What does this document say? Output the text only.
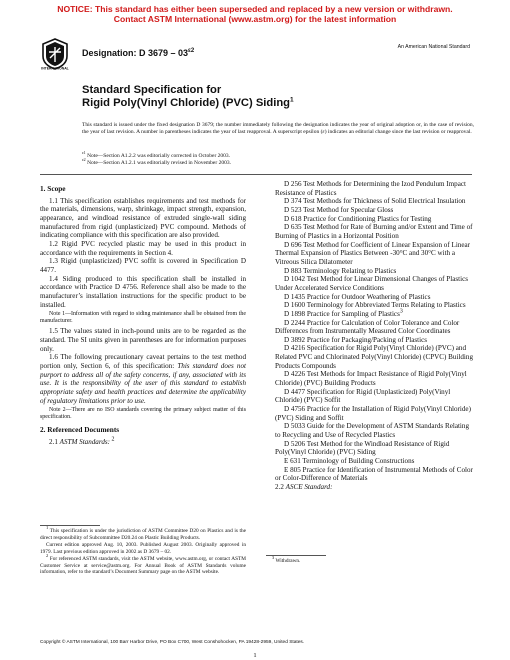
NOTICE: This standard has either been superseded and replaced by a new version or withdrawn.
Contact ASTM International (www.astm.org) for the latest information
INTERNATIONAL
Designation: D $3679 - 03^{\varepsilon 2}$
An American National Standard
Standard Specification for
Rigid Poly(Vinyl Chloride) (PVC) Siding$^1$
This standard is issued under the fixed designation D 3679; the number immediately following the designation indicates the year of original adoption or, in the case of revision, the year of last revision. A number in parentheses indicates the year of last reapproval. A superscript epsilon (ε) indicates an editorial change since the last revision or reapproval.
$^{\varepsilon 1}$ Note—Section A1.2.2 was editorially corrected in October 2003.
$^{\varepsilon 2}$ Note—Section A1.2.1 was editorially revised in November 2003.

1. Scope

1.1 This specification establishes requirements and test methods for the materials, dimensions, warp, shrinkage, impact strength, expansion, appearance, and windload resistance of extruded single-wall siding manufactured from rigid (unplasticized) PVC compound. Methods of indicating compliance with this specification are also provided.

1.2 Rigid PVC recycled plastic may be used in this product in accordance with the requirements in Section 4.

1.3 Rigid (unplasticized) PVC soffit is covered in Specification D 4477.

1.4 Siding produced to this specification shall be installed in accordance with Practice D 4756. Reference shall also be made to the manufacturer’s installation instructions for the specific product to be installed.

Note 1—Information with regard to siding maintenance shall be obtained from the manufacturer.

1.5 The values stated in inch-pound units are to be regarded as the standard. The SI units given in parentheses are for information purposes only.

1.6 The following precautionary caveat pertains to the test method portion only, Section 6, of this specification: This standard does not purport to address all of the safety concerns, if any, associated with its use. It is the responsibility of the user of this standard to establish appropriate safety and health practices and determine the applicability of regulatory limitations prior to use.

Note 2—There are no ISO standards covering the primary subject matter of this specification.

2. Referenced Documents

2.1 ASTM Standards: $^2$

D 256 Test Methods for Determining the Izod Pendulum Impact Resistance of Plastics

D 374 Test Methods for Thickness of Solid Electrical Insulation

D 523 Test Method for Specular Gloss

D 618 Practice for Conditioning Plastics for Testing

D 635 Test Method for Rate of Burning and/or Extent and Time of Burning of Plastics in a Horizontal Position

D 696 Test Method for Coefficient of Linear Expansion of Linear Thermal Expansion of Plastics Between -30°C and 30°C with a Vitreous Silica Dilatometer

D 883 Terminology Relating to Plastics

D 1042 Test Method for Linear Dimensional Changes of Plastics Under Accelerated Service Conditions

D 1435 Practice for Outdoor Weathering of Plastics

D 1600 Terminology for Abbreviated Terms Relating to Plastics

D 1898 Practice for Sampling of Plastics$^3$

D 2244 Practice for Calculation of Color Tolerance and Color Differences from Instrumentally Measured Color Coordinates

D 3892 Practice for Packaging/Packing of Plastics

D 4216 Specification for Rigid Poly(Vinyl Chloride) (PVC) and Related PVC and Chlorinated Poly(Vinyl Chloride) (CPVC) Building Products Compounds

D 4226 Test Methods for Impact Resistance of Rigid Poly(Vinyl Chloride) (PVC) Building Products

D 4477 Specification for Rigid (Unplasticized) Poly(Vinyl Chloride) (PVC) Soffit

D 4756 Practice for the Installation of Rigid Poly(Vinyl Chloride) (PVC) Siding and Soffit

D 5033 Guide for the Development of ASTM Standards Relating to Recycling and Use of Recycled Plastics

D 5206 Test Method for the Windload Resistance of Rigid Poly(Vinyl Chloride) (PVC) Siding

E 631 Terminology of Building Constructions

E 805 Practice for Identification of Instrumental Methods of Color or Color-Difference of Materials

2.2 ASCE Standard:

$^1$ This specification is under the jurisdiction of ASTM Committee D20 on Plastics and is the direct responsibility of Subcommittee D20.24 on Plastic Building Products.

Current edition approved Aug. 10, 2003. Published August 2003. Originally approved in 1979. Last previous edition approved in 2002 as D 3679 – 02.

$^2$ For referenced ASTM standards, visit the ASTM website, www.astm.org, or contact ASTM Customer Service at service@astm.org. For Annual Book of ASTM Standards volume information, refer to the standard’s Document Summary page on the ASTM website.

$^3$ Withdrawn.

Copyright © ASTM International, 100 Barr Harbor Drive, PO Box C700, West Conshohocken, PA 19428-2959, United States.
1
